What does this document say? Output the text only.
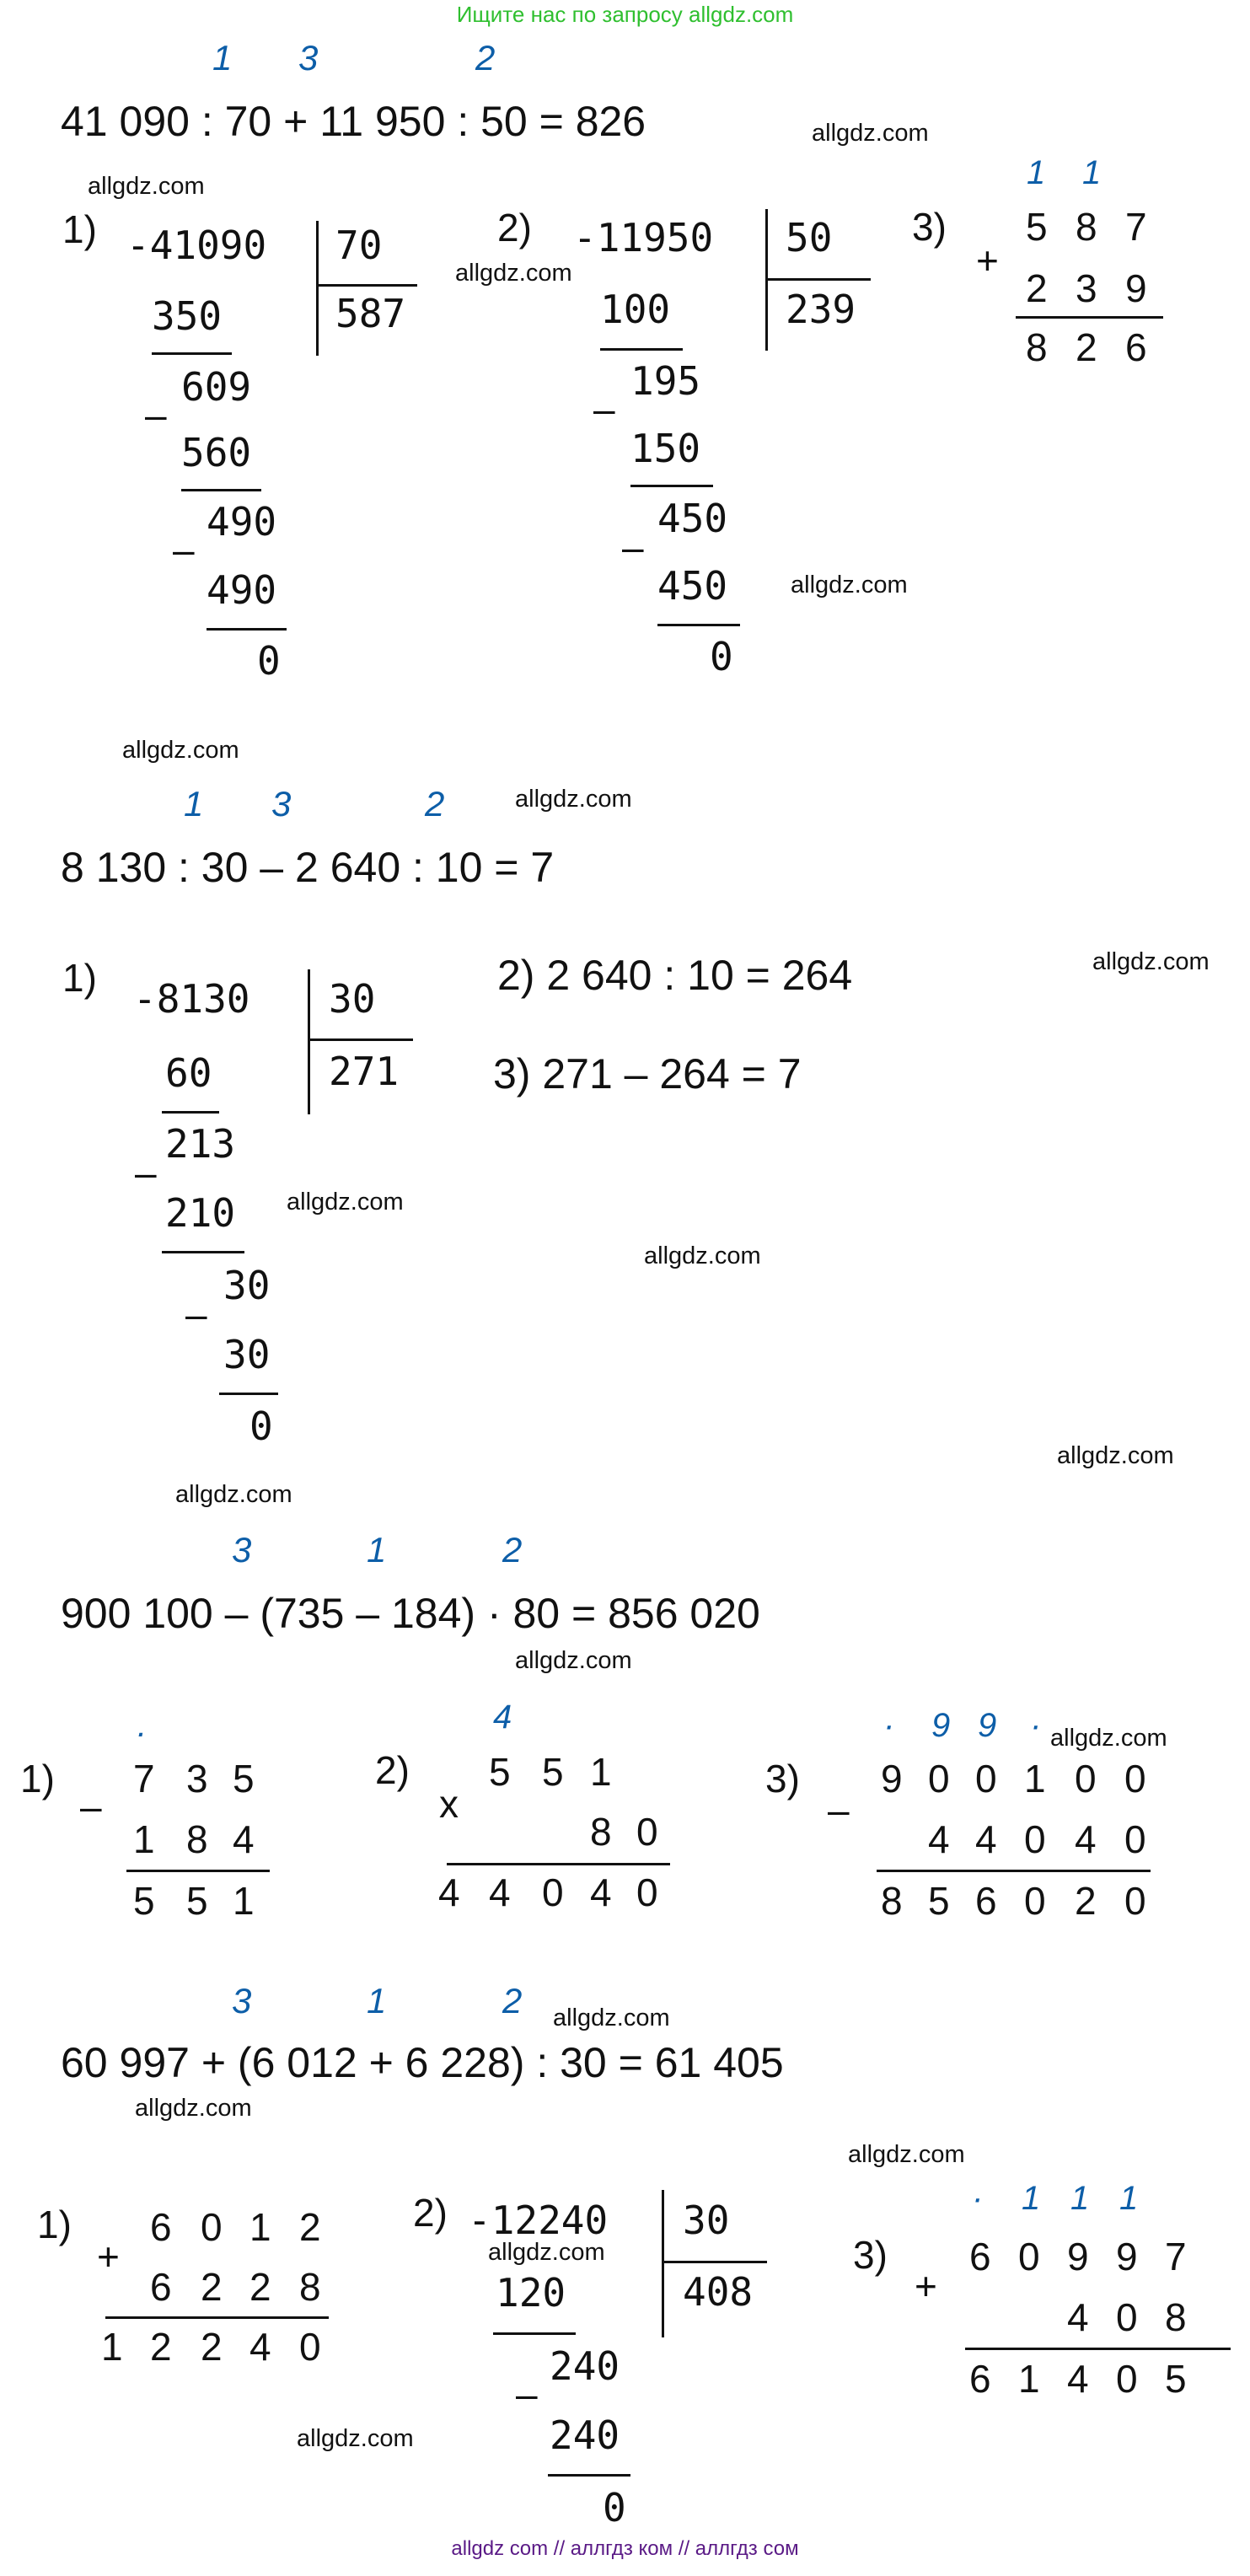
Ищите нас по запросу allgdz.com
allgdz com // аллгдз ком // аллгдз сом
allgdz.com
allgdz.com
allgdz.com
allgdz.com
allgdz.com
allgdz.com
allgdz.com
allgdz.com
allgdz.com
allgdz.com
allgdz.com
allgdz.com
allgdz.com
allgdz.com
allgdz.com
allgdz.com
allgdz.com
allgdz.com
1 3	2
41 090 : 70 + 11 950 : 50 = 826
1) -41090 70
587
350
609
–
560
490
–
490
0
2) -11950 50
239
100
195
–
150
450
–
450
0
3)
1 1
+
5 8 7
2 3 9
8 2 6
1 3	2
8 130 : 30 – 2 640 : 10 = 7
1) -8130 30
271
60
213
–
210
30
–
30
0
2) 2 640 : 10 = 264
3) 271 – 264 = 7
3	1	2
900 100 – (735 – 184) · 80 = 856 020
1)
.
–
7 3 5
1 8 4
5 5 1
2)
4
x
5 5 1
8 0
4 4 0 4 0
3)
· 9 9 ·
–
9 0 0 1 0 0
4 4 0 4 0
8 5 6 0 2 0
3	1	2
60 997 + (6 012 + 6 228) : 30 = 61 405
1)
+
6 0 1 2
6 2 2 8
1 2 2 4 0
2) -12240 30
408
120
240
–
240
0
3)
· 1 1 1
+
6 0 9 9 7
4 0 8
6 1 4 0 5
